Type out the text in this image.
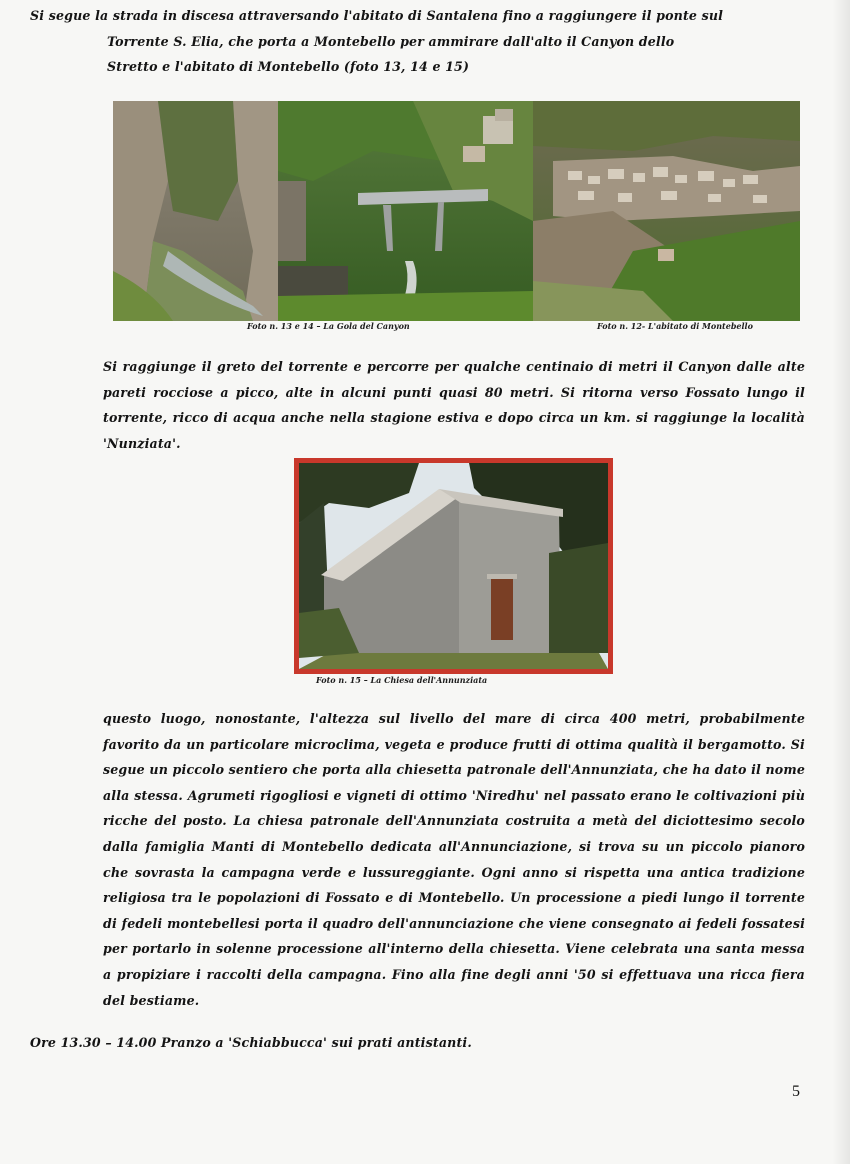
Si segue la strada in discesa attraversando l'abitato di Santalena fino a raggiungere il ponte sul
Torrente S. Elia, che porta a Montebello per ammirare dall'alto il Canyon dello
Stretto e l'abitato di Montebello (foto 13, 14 e 15)
Foto n. 13 e 14 – La Gola del Canyon	Foto n. 12- L'abitato di Montebello
Si raggiunge il greto del torrente e percorre per qualche centinaio di metri il Canyon dalle alte pareti rocciose a picco, alte in alcuni punti quasi 80 metri. Si ritorna verso Fossato lungo il torrente, ricco di acqua anche nella stagione estiva e dopo circa un km. si raggiunge la località 'Nunziata'.
Foto n. 15 – La Chiesa dell'Annunziata
questo luogo, nonostante, l'altezza sul livello del mare di circa 400 metri, probabilmente favorito da un particolare microclima, vegeta e produce frutti di ottima qualità il bergamotto. Si segue un piccolo sentiero che porta alla chiesetta patronale dell'Annunziata, che ha dato il nome alla stessa. Agrumeti rigogliosi e vigneti di ottimo 'Niredhu' nel passato erano le coltivazioni più ricche del posto. La chiesa patronale dell'Annunziata costruita a metà del diciottesimo secolo dalla famiglia Manti di Montebello dedicata all'Annunciazione, si trova su un piccolo pianoro che sovrasta la campagna verde e lussureggiante. Ogni anno si rispetta una antica tradizione religiosa tra le popolazioni di Fossato e di Montebello. Un processione a piedi lungo il torrente di fedeli montebellesi porta il quadro dell'annunciazione che viene consegnato ai fedeli fossatesi per portarlo in solenne processione all'interno della chiesetta. Viene celebrata una santa messa a propiziare i raccolti della campagna. Fino alla fine degli anni '50 si effettuava una ricca fiera del bestiame.
Ore 13.30 – 14.00 Pranzo a 'Schiabbucca' sui prati antistanti.
5
